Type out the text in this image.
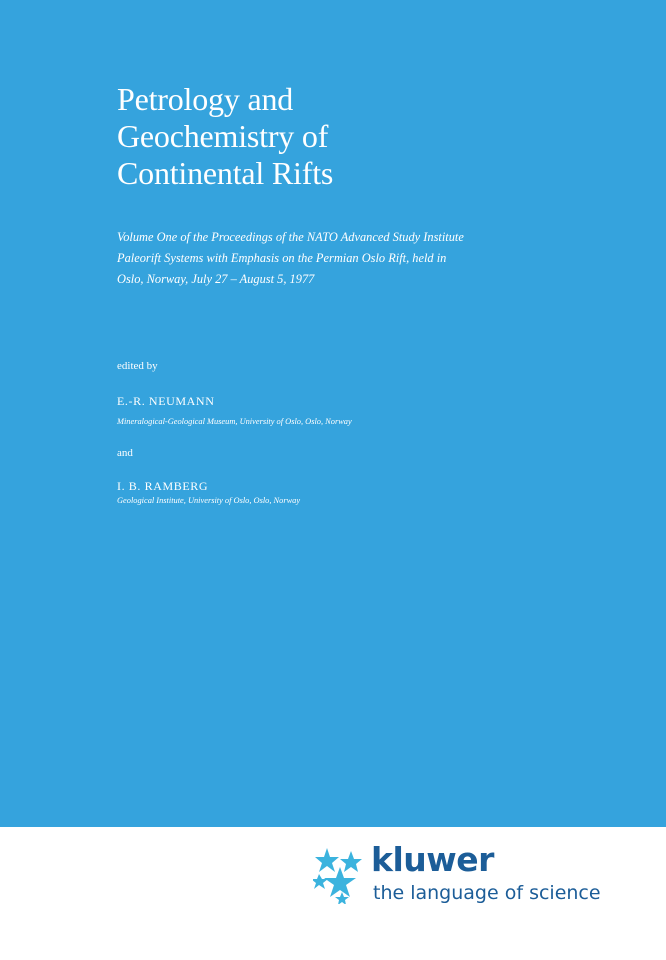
Petrology and
Geochemistry of
Continental Rifts
Volume One of the Proceedings of the NATO Advanced Study Institute
Paleorift Systems with Emphasis on the Permian Oslo Rift, held in
Oslo, Norway, July 27 – August 5, 1977
edited by
E.-R. NEUMANN
Mineralogical-Geological Museum, University of Oslo, Oslo, Norway
and
I. B. RAMBERG
Geological Institute, University of Oslo, Oslo, Norway
kluwer
the language of science
